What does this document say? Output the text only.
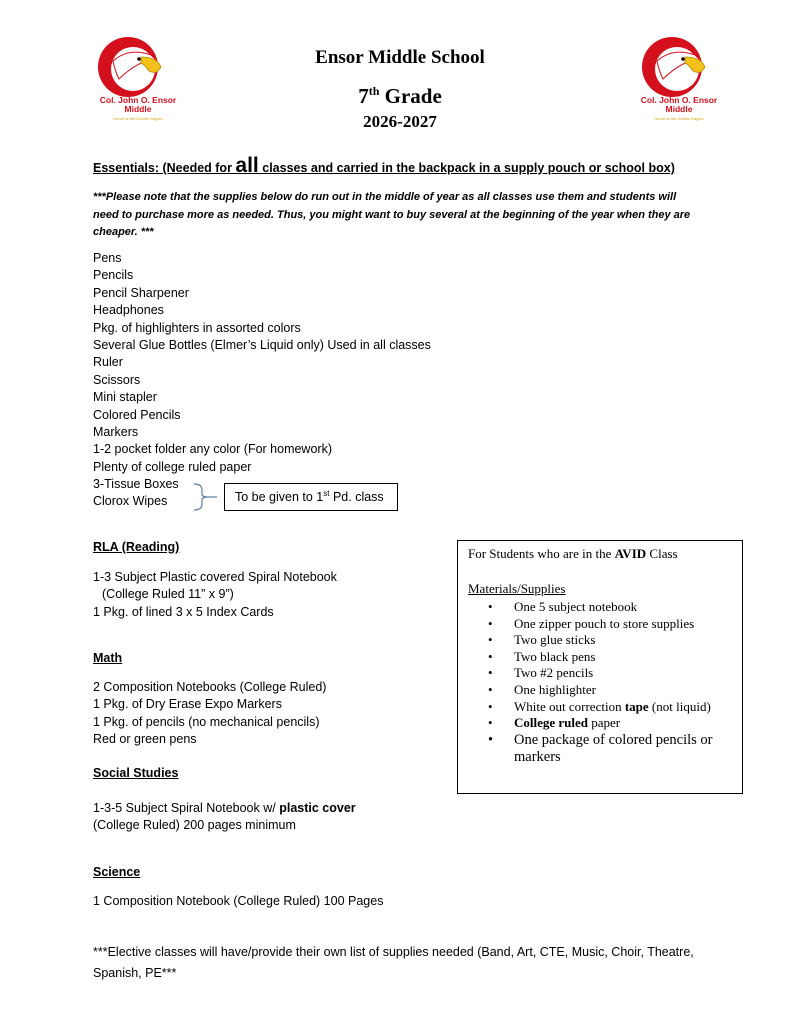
Col. John O. Ensor
Middle
Home of the Golden Eagles
Col. John O. Ensor
Middle
Home of the Golden Eagles
Ensor Middle School
7th Grade
2026-2027
Essentials: (Needed for all classes and carried in the backpack in a supply pouch or school box)
***Please note that the supplies below do run out in the middle of year as all classes use them and students will need to purchase more as needed. Thus, you might want to buy several at the beginning of the year when they are cheaper. ***
Pens
Pencils
Pencil Sharpener
Headphones
Pkg. of highlighters in assorted colors
Several Glue Bottles (Elmer’s Liquid only) Used in all classes
Ruler
Scissors
Mini stapler
Colored Pencils
Markers
1-2 pocket folder any color (For homework)
Plenty of college ruled paper
3-Tissue Boxes
Clorox Wipes	To be given to 1st Pd. class
RLA (Reading)
1-3 Subject Plastic covered Spiral Notebook
(College Ruled 11” x 9”)
1 Pkg. of lined 3 x 5 Index Cards
Math
2 Composition Notebooks (College Ruled)
1 Pkg. of Dry Erase Expo Markers
1 Pkg. of pencils (no mechanical pencils)
Red or green pens
Social Studies
1-3-5 Subject Spiral Notebook w/ plastic cover
(College Ruled) 200 pages minimum
Science
1 Composition Notebook (College Ruled) 100 Pages
For Students who are in the AVID Class
Materials/Supplies
• One 5 subject notebook
• One zipper pouch to store supplies
• Two glue sticks
• Two black pens
• Two #2 pencils
• One highlighter
• White out correction tape (not liquid)
• College ruled paper
• One package of colored pencils or markers
***Elective classes will have/provide their own list of supplies needed (Band, Art, CTE, Music, Choir, Theatre, Spanish, PE***
